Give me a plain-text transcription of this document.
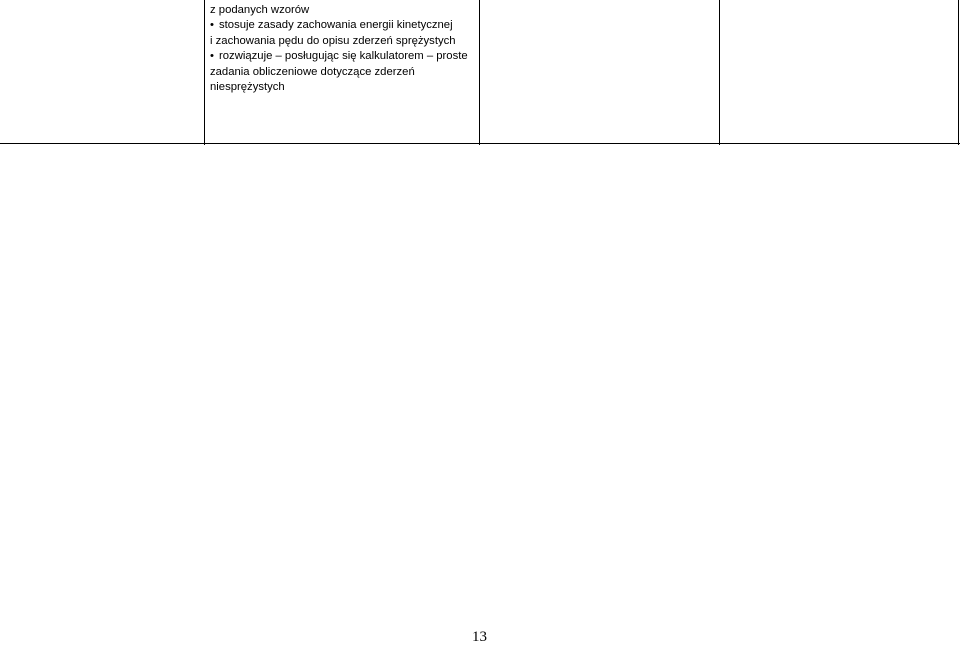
z podanych wzorów
• stosuje zasady zachowania energii kinetycznej
i zachowania pędu do opisu zderzeń sprężystych
• rozwiązuje – posługując się kalkulatorem – proste
zadania obliczeniowe dotyczące zderzeń
niesprężystych
13
